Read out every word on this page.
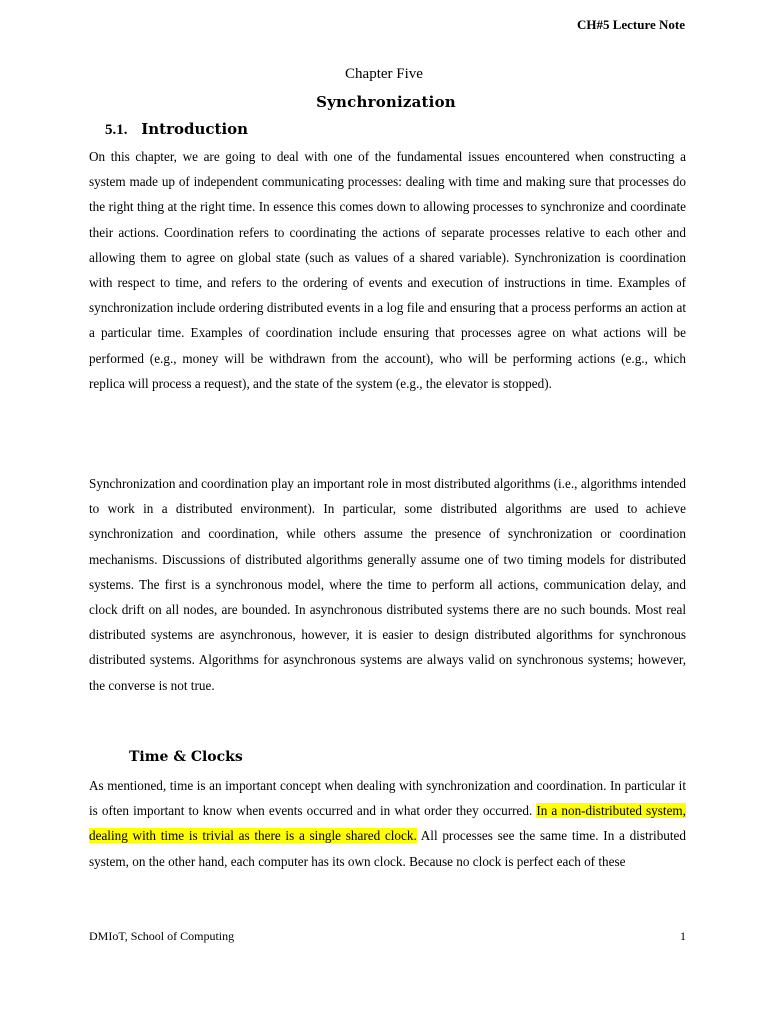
CH#5 Lecture Note
Chapter Five
Synchronization
5.1. Introduction
On this chapter, we are going to deal with one of the fundamental issues encountered when constructing a system made up of independent communicating processes: dealing with time and making sure that processes do the right thing at the right time. In essence this comes down to allowing processes to synchronize and coordinate their actions. Coordination refers to coordinating the actions of separate processes relative to each other and allowing them to agree on global state (such as values of a shared variable). Synchronization is coordination with respect to time, and refers to the ordering of events and execution of instructions in time. Examples of synchronization include ordering distributed events in a log file and ensuring that a process performs an action at a particular time. Examples of coordination include ensuring that processes agree on what actions will be performed (e.g., money will be withdrawn from the account), who will be performing actions (e.g., which replica will process a request), and the state of the system (e.g., the elevator is stopped).
Synchronization and coordination play an important role in most distributed algorithms (i.e., algorithms intended to work in a distributed environment). In particular, some distributed algorithms are used to achieve synchronization and coordination, while others assume the presence of synchronization or coordination mechanisms. Discussions of distributed algorithms generally assume one of two timing models for distributed systems. The first is a synchronous model, where the time to perform all actions, communication delay, and clock drift on all nodes, are bounded. In asynchronous distributed systems there are no such bounds. Most real distributed systems are asynchronous, however, it is easier to design distributed algorithms for synchronous distributed systems. Algorithms for asynchronous systems are always valid on synchronous systems; however, the converse is not true.
Time & Clocks
As mentioned, time is an important concept when dealing with synchronization and coordination. In particular it is often important to know when events occurred and in what order they occurred. In a non-distributed system, dealing with time is trivial as there is a single shared clock. All processes see the same time. In a distributed system, on the other hand, each computer has its own clock. Because no clock is perfect each of these
DMIoT, School of Computing	1
